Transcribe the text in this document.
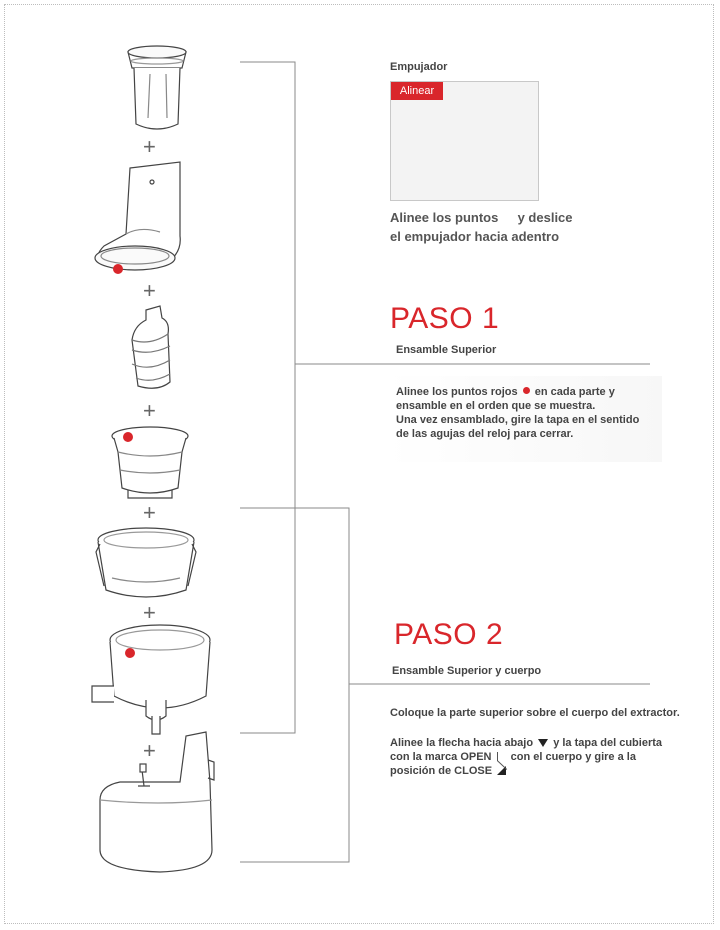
+
+
+
+
+
+
Empujador
Alinear
Alinee los puntos y deslice
el empujador hacia adentro
PASO 1
Ensamble Superior
Alinee los puntos rojos en cada parte y
ensamble en el orden que se muestra.
Una vez ensamblado, gire la tapa en el sentido
de las agujas del reloj para cerrar.
PASO 2
Ensamble Superior y cuerpo
Coloque la parte superior sobre el cuerpo del extractor.
Alinee la flecha hacia abajo y la tapa del cubierta
con la marca OPEN con el cuerpo y gire a la
posición de CLOSE
